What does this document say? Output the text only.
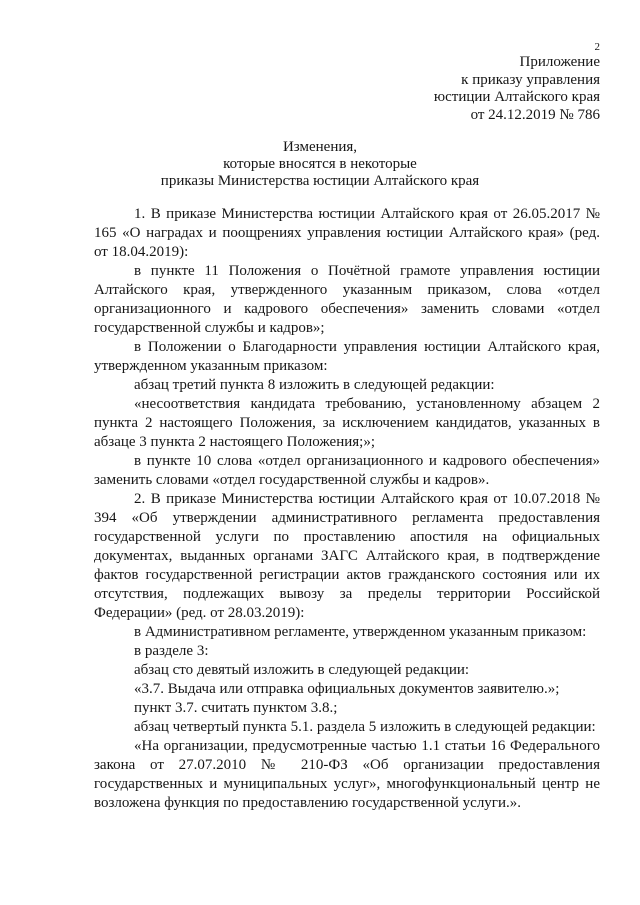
2
Приложение
к приказу управления
юстиции Алтайского края
от 24.12.2019 № 786
Изменения,
которые вносятся в некоторые
приказы Министерства юстиции Алтайского края

1. В приказе Министерства юстиции Алтайского края от 26.05.2017 № 165 «О наградах и поощрениях управления юстиции Алтайского края» (ред. от 18.04.2019):

в пункте 11 Положения о Почётной грамоте управления юстиции Алтайского края, утвержденного указанным приказом, слова «отдел организационного и кадрового обеспечения» заменить словами «отдел государственной службы и кадров»;

в Положении о Благодарности управления юстиции Алтайского края, утвержденном указанным приказом:

абзац третий пункта 8 изложить в следующей редакции:

«несоответствия кандидата требованию, установленному абзацем 2 пункта 2 настоящего Положения, за исключением кандидатов, указанных в абзаце 3 пункта 2 настоящего Положения;»;

в пункте 10 слова «отдел организационного и кадрового обеспечения» заменить словами «отдел государственной службы и кадров».

2. В приказе Министерства юстиции Алтайского края от 10.07.2018 № 394 «Об утверждении административного регламента предоставления государственной услуги по проставлению апостиля на официальных документах, выданных органами ЗАГС Алтайского края, в подтверждение фактов государственной регистрации актов гражданского состояния или их отсутствия, подлежащих вывозу за пределы территории Российской Федерации» (ред. от 28.03.2019):

в Административном регламенте, утвержденном указанным приказом:

в разделе 3:

абзац сто девятый изложить в следующей редакции:

«3.7. Выдача или отправка официальных документов заявителю.»;

пункт 3.7. считать пунктом 3.8.;

абзац четвертый пункта 5.1. раздела 5 изложить в следующей редакции:

«На организации, предусмотренные частью 1.1 статьи 16 Федерального закона от 27.07.2010 № 210-ФЗ «Об организации предоставления государственных и муниципальных услуг», многофункциональный центр не возложена функция по предоставлению государственной услуги.».
